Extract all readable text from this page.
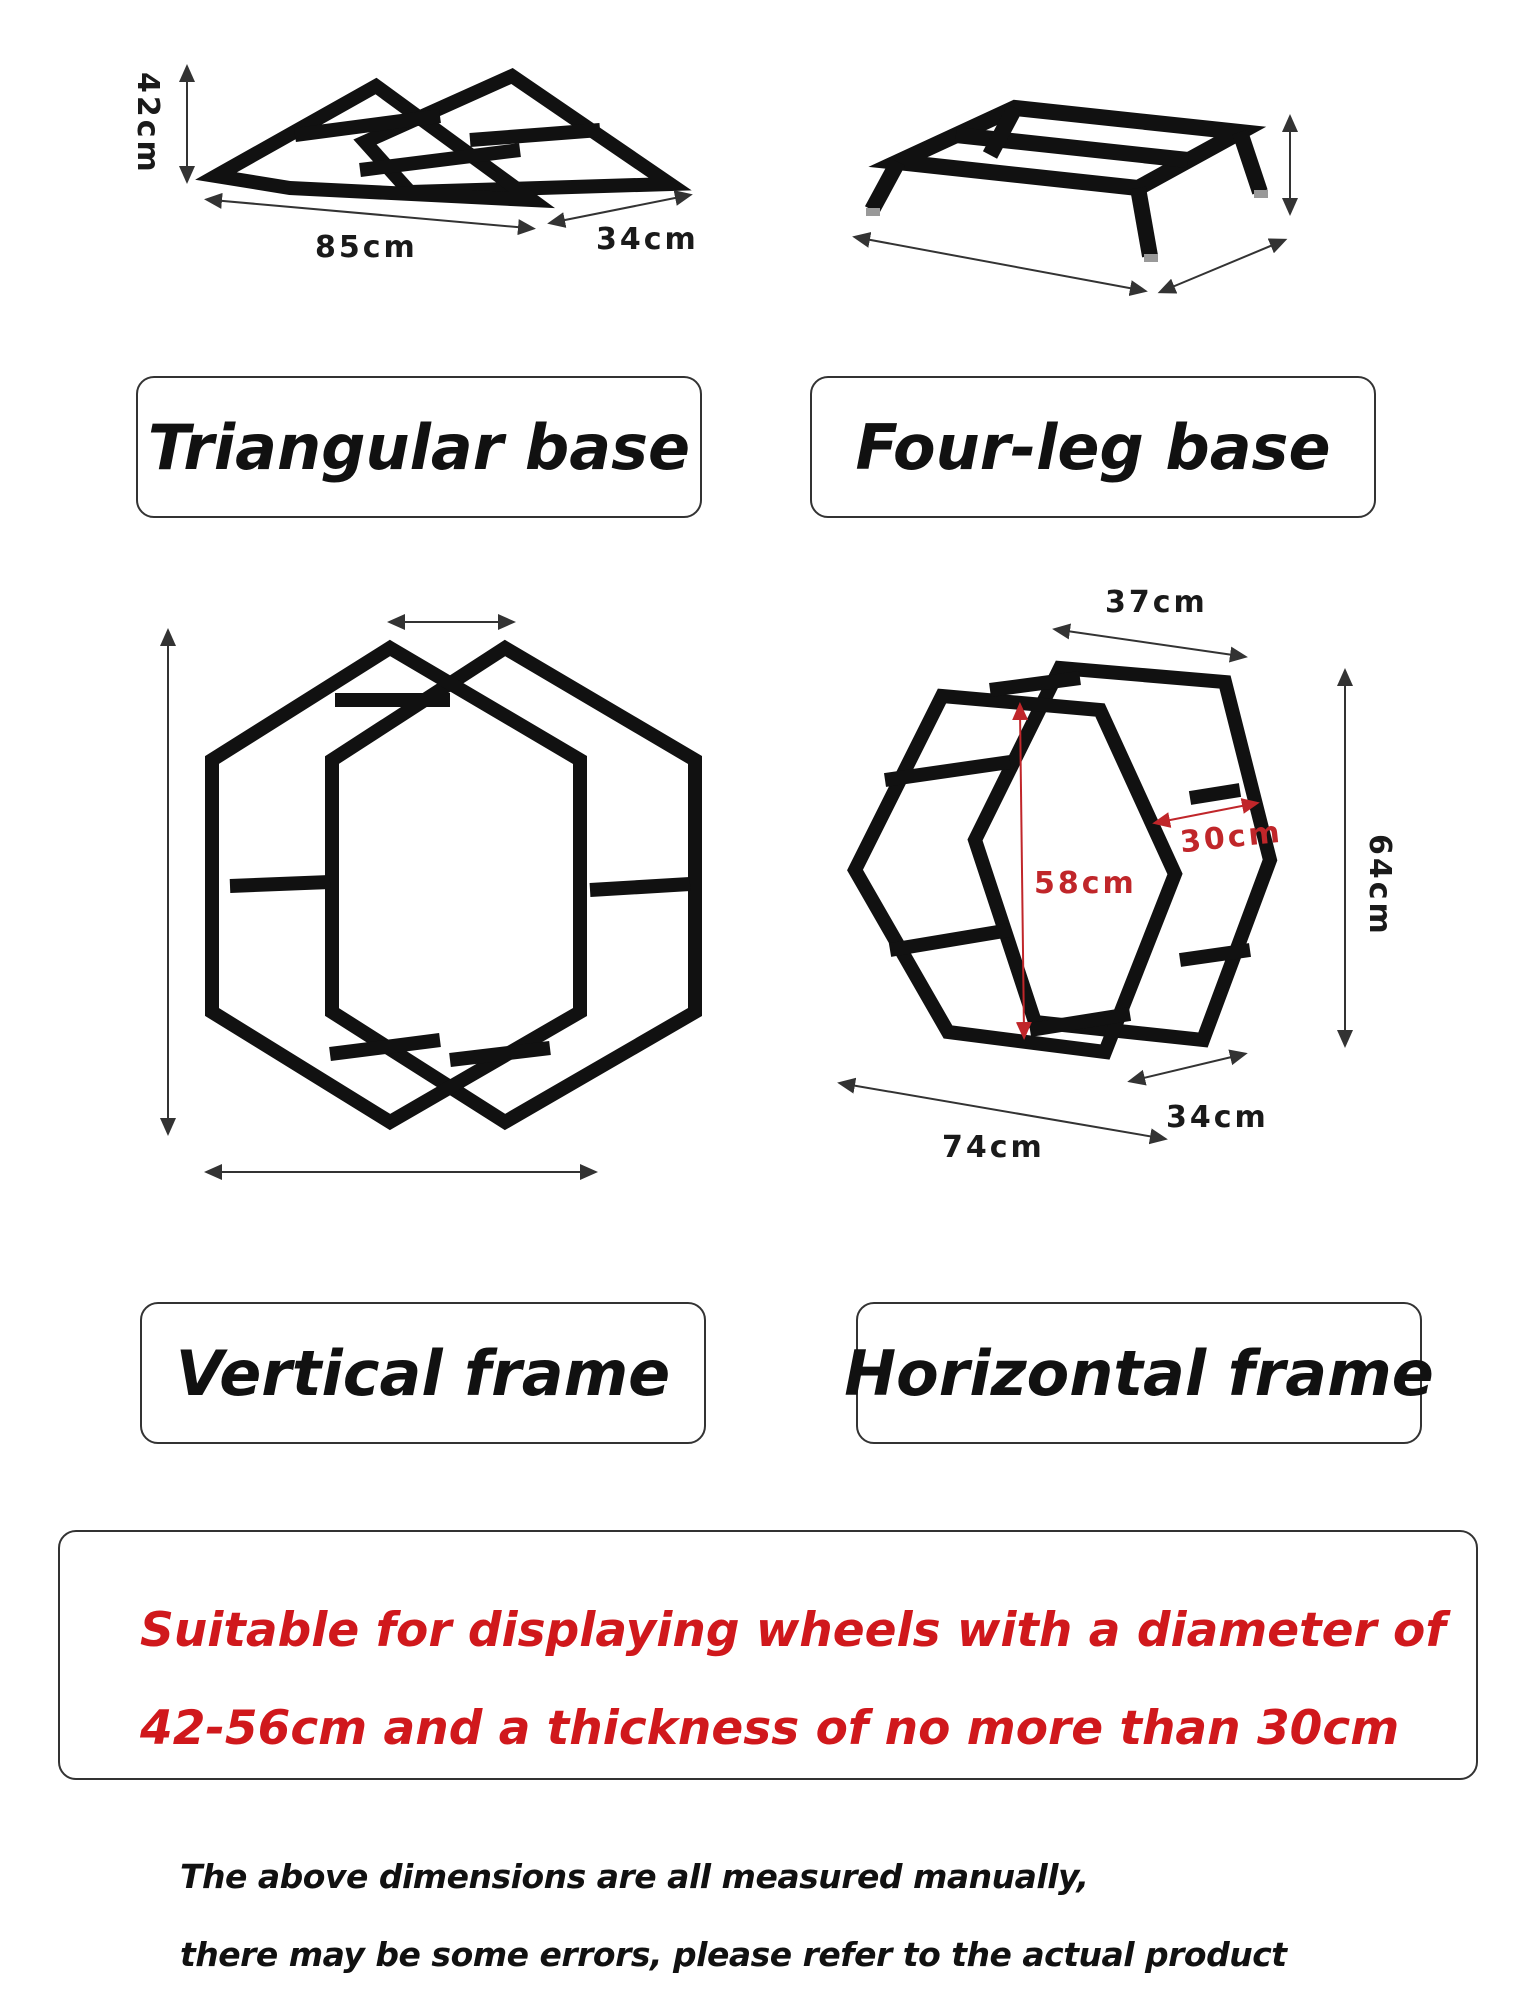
42cm
85cm	34cm
Triangular base	Four-leg base
37cm
30cm
58cm	64cm
34cm
74cm
Vertical frame	Horizontal frame

Suitable for displaying wheels with a diameter of

42-56cm and a thickness of no more than 30cm

The above dimensions are all measured manually,

there may be some errors, please refer to the actual product
